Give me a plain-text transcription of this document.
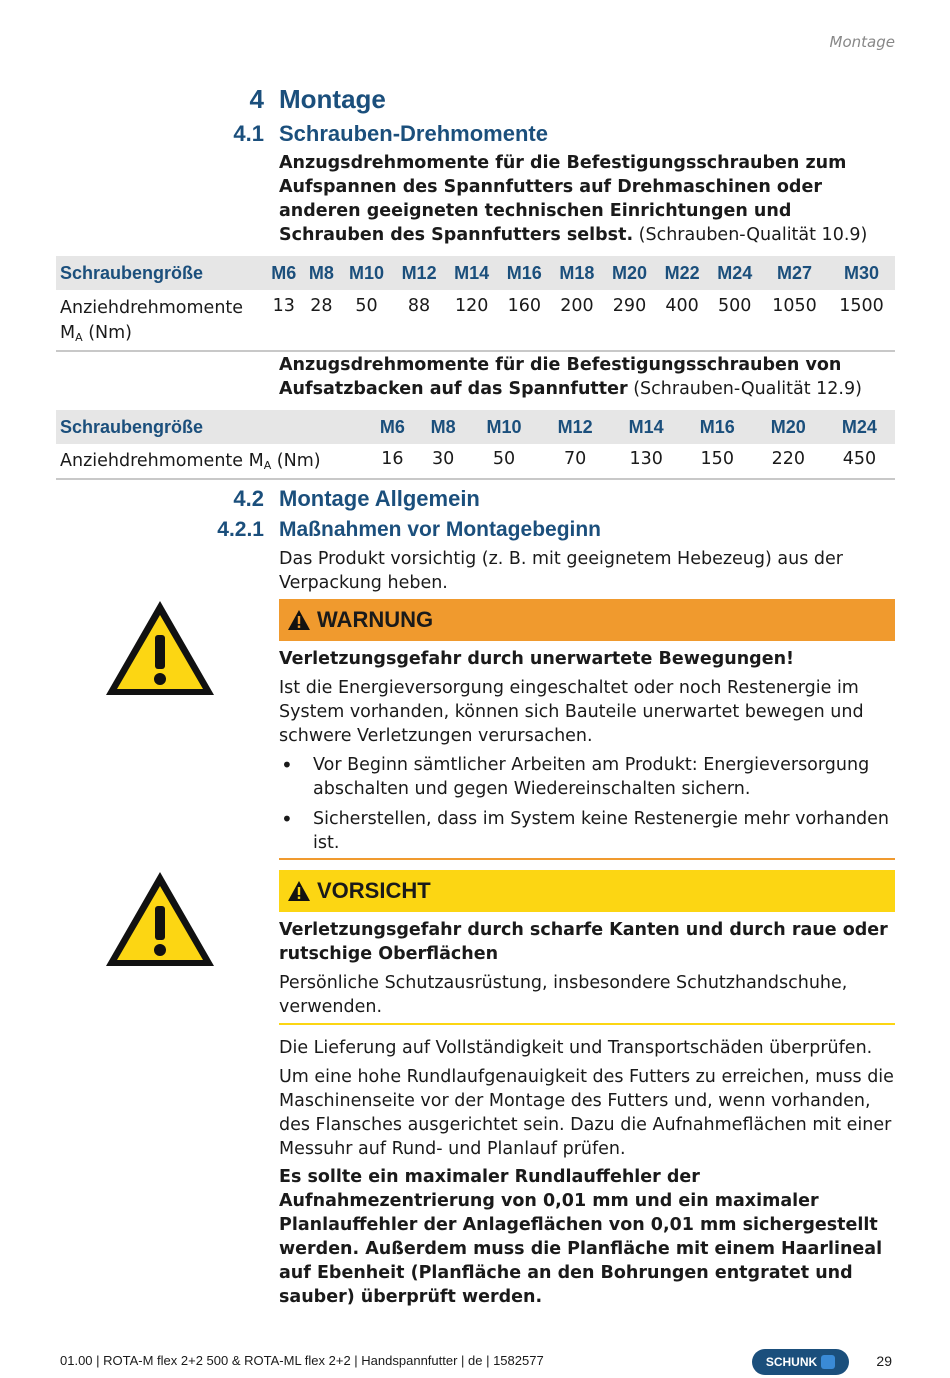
Montage
4 Montage
4.1 Schrauben-Drehmomente
Anzugsdrehmomente für die Befestigungsschrauben zum Aufspannen des Spannfutters auf Drehmaschinen oder anderen geeigneten technischen Einrichtungen und Schrauben des Spannfutters selbst. (Schrauben-Qualität 10.9)
Schraubengröße	M6	M8	M10	M12	M14	M16	M18	M20	M22	M24	M27	M30
Anziehdrehmomente
$M_A$ (Nm)	13	28	50	88	120	160	200	290	400	500	1050	1500
Anzugsdrehmomente für die Befestigungsschrauben von Aufsatzbacken auf das Spannfutter (Schrauben-Qualität 12.9)
Schraubengröße	M6	M8	M10	M12	M14	M16	M20	M24
Anziehdrehmomente $M_A$ (Nm)	16	30	50	70	130	150	220	450
4.2 Montage Allgemein
4.2.1 Maßnahmen vor Montagebeginn
Das Produkt vorsichtig (z. B. mit geeignetem Hebezeug) aus der Verpackung heben.
WARNUNG
Verletzungsgefahr durch unerwartete Bewegungen!
Ist die Energieversorgung eingeschaltet oder noch Restenergie im System vorhanden, können sich Bauteile unerwartet bewegen und schwere Verletzungen verursachen.
• Vor Beginn sämtlicher Arbeiten am Produkt: Energieversorgung abschalten und gegen Wiedereinschalten sichern.
• Sicherstellen, dass im System keine Restenergie mehr vorhanden ist.
VORSICHT
Verletzungsgefahr durch scharfe Kanten und durch raue oder rutschige Oberflächen
Persönliche Schutzausrüstung, insbesondere Schutzhandschuhe, verwenden.
Die Lieferung auf Vollständigkeit und Transportschäden überprüfen.
Um eine hohe Rundlaufgenauigkeit des Futters zu erreichen, muss die Maschinenseite vor der Montage des Futters und, wenn vorhanden, des Flansches ausgerichtet sein. Dazu die Aufnahmeflächen mit einer Messuhr auf Rund- und Planlauf prüfen.
Es sollte ein maximaler Rundlauffehler der Aufnahmezentrierung von 0,01 mm und ein maximaler Planlauffehler der Anlageflächen von 0,01 mm sichergestellt werden. Außerdem muss die Planfläche mit einem Haarlineal auf Ebenheit (Planfläche an den Bohrungen entgratet und sauber) überprüft werden.
01.00 | ROTA-M flex 2+2 500 & ROTA-ML flex 2+2 | Handspannfutter | de | 1582577	SCHUNK	29
